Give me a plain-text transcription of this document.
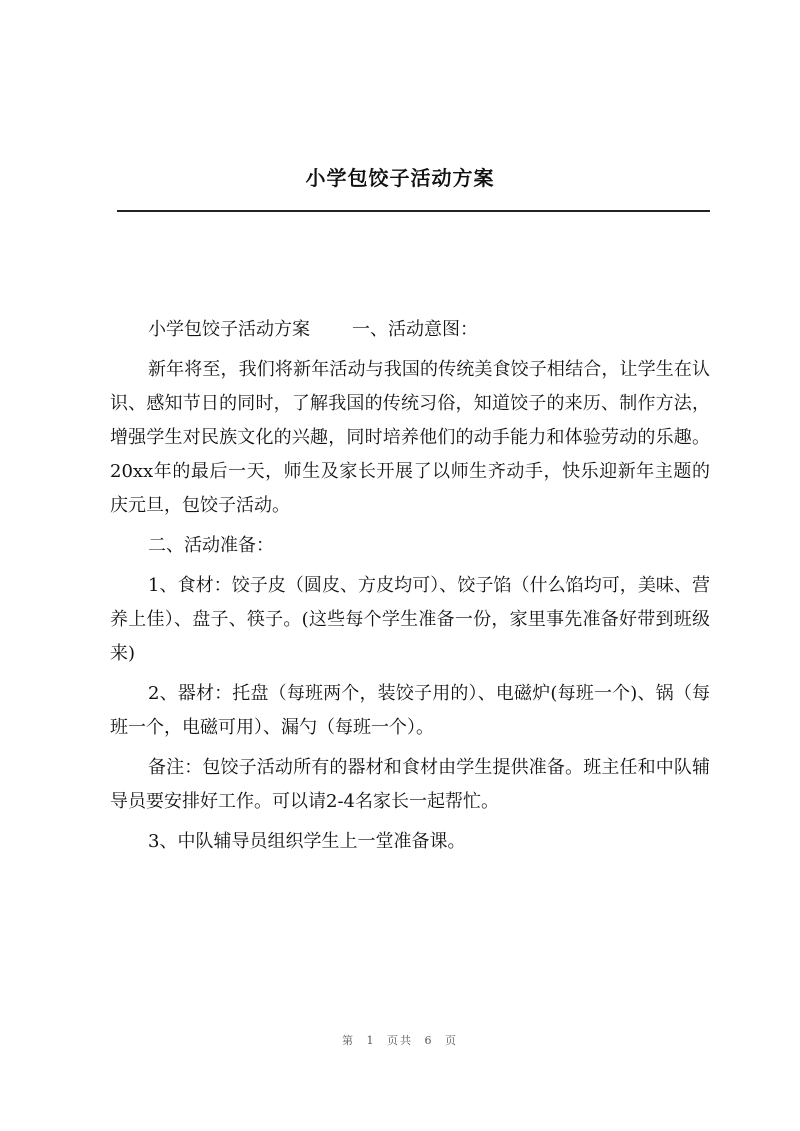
小学包饺子活动方案

小学包饺子活动方案 一、活动意图：

新年将至，我们将新年活动与我国的传统美食饺子相结合，让学生在认识、感知节日的同时，了解我国的传统习俗，知道饺子的来历、制作方法，增强学生对民族文化的兴趣，同时培养他们的动手能力和体验劳动的乐趣。20xx年的最后一天，师生及家长开展了以师生齐动手，快乐迎新年主题的庆元旦，包饺子活动。

二、活动准备：

1、食材：饺子皮（圆皮、方皮均可）、饺子馅（什么馅均可，美味、营养上佳）、盘子、筷子。(这些每个学生准备一份，家里事先准备好带到班级来)

2、器材：托盘（每班两个，装饺子用的）、电磁炉(每班一个)、锅（每班一个，电磁可用）、漏勺（每班一个）。

备注：包饺子活动所有的器材和食材由学生提供准备。班主任和中队辅导员要安排好工作。可以请2-4名家长一起帮忙。

3、中队辅导员组织学生上一堂准备课。

第 1 页共 6 页
